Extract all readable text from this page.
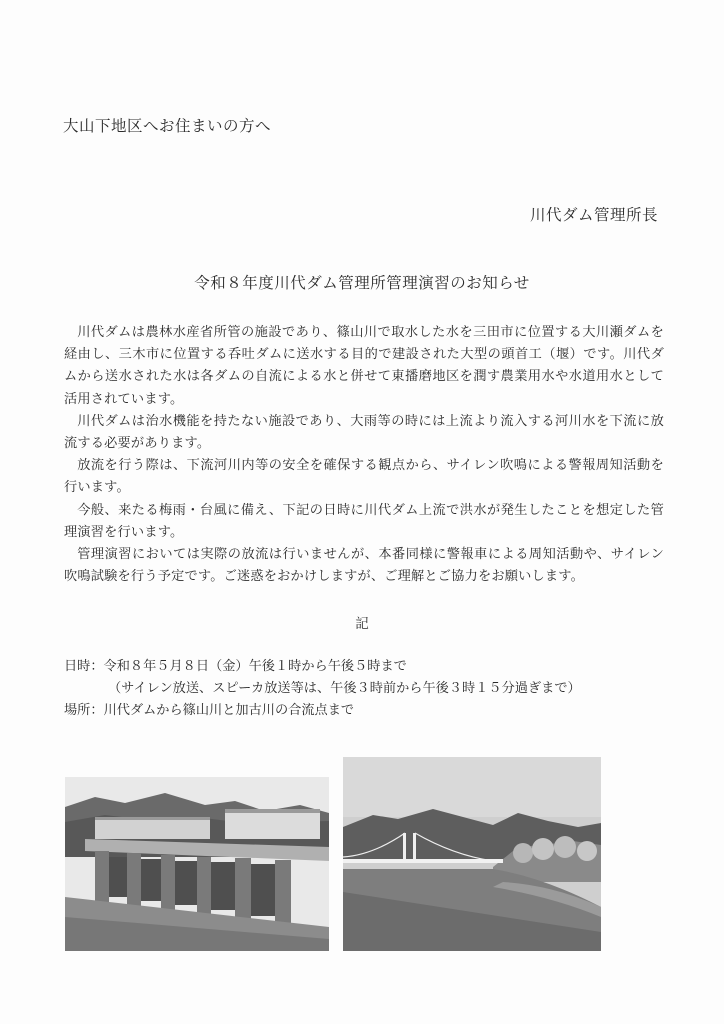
大山下地区へお住まいの方へ
川代ダム管理所長
令和８年度川代ダム管理所管理演習のお知らせ

川代ダムは農林水産省所管の施設であり、篠山川で取水した水を三田市に位置する大川瀬ダムを経由し、三木市に位置する呑吐ダムに送水する目的で建設された大型の頭首工（堰）です。川代ダムから送水された水は各ダムの自流による水と併せて東播磨地区を潤す農業用水や水道用水として活用されています。

川代ダムは治水機能を持たない施設であり、大雨等の時には上流より流入する河川水を下流に放流する必要があります。

放流を行う際は、下流河川内等の安全を確保する観点から、サイレン吹鳴による警報周知活動を行います。

今般、来たる梅雨・台風に備え、下記の日時に川代ダム上流で洪水が発生したことを想定した管理演習を行います。

管理演習においては実際の放流は行いませんが、本番同様に警報車による周知活動や、サイレン吹鳴試験を行う予定です。ご迷惑をおかけしますが、ご理解とご協力をお願いします。

記
日時：令和８年５月８日（金）午後１時から午後５時まで
（サイレン放送、スピーカ放送等は、午後３時前から午後３時１５分過ぎまで）
場所：川代ダムから篠山川と加古川の合流点まで
